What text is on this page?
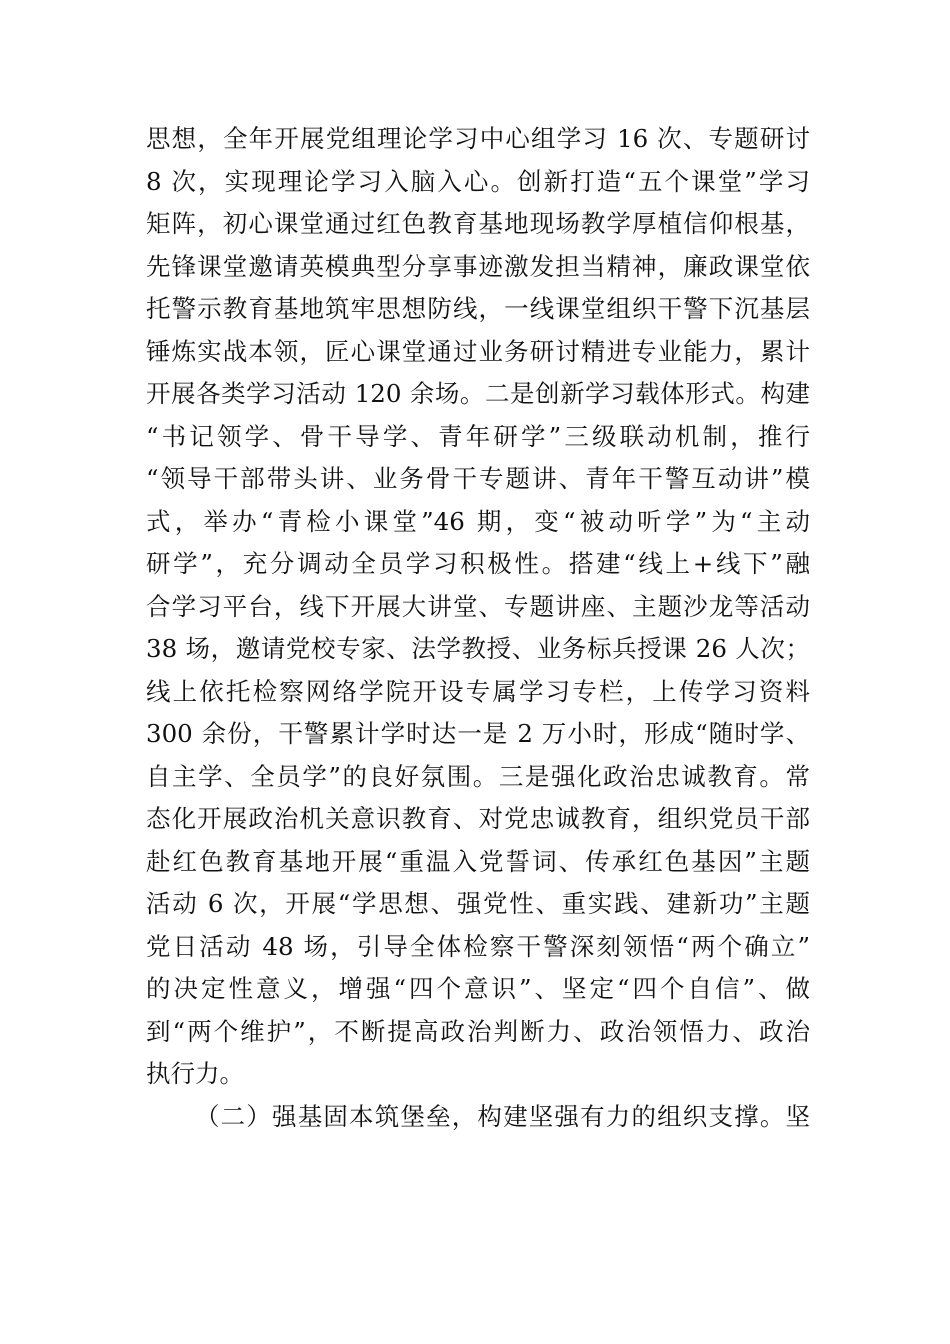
思想，全年开展党组理论学习中心组学习 16 次、专题研讨
8 次，实现理论学习入脑入心。创新打造“五个课堂”学习
矩阵，初心课堂通过红色教育基地现场教学厚植信仰根基，
先锋课堂邀请英模典型分享事迹激发担当精神，廉政课堂依
托警示教育基地筑牢思想防线，一线课堂组织干警下沉基层
锤炼实战本领，匠心课堂通过业务研讨精进专业能力，累计
开展各类学习活动 120 余场。二是创新学习载体形式。构建
“书记领学、骨干导学、青年研学”三级联动机制，推行
“领导干部带头讲、业务骨干专题讲、青年干警互动讲”模
式，举办“青检小课堂”46 期，变“被动听学”为“主动
研学”，充分调动全员学习积极性。搭建“线上+线下”融
合学习平台，线下开展大讲堂、专题讲座、主题沙龙等活动
38 场，邀请党校专家、法学教授、业务标兵授课 26 人次；
线上依托检察网络学院开设专属学习专栏，上传学习资料
300 余份，干警累计学时达一是 2 万小时，形成“随时学、
自主学、全员学”的良好氛围。三是强化政治忠诚教育。常
态化开展政治机关意识教育、对党忠诚教育，组织党员干部
赴红色教育基地开展“重温入党誓词、传承红色基因”主题
活动 6 次，开展“学思想、强党性、重实践、建新功”主题
党日活动 48 场，引导全体检察干警深刻领悟“两个确立”
的决定性意义，增强“四个意识”、坚定“四个自信”、做
到“两个维护”，不断提高政治判断力、政治领悟力、政治
执行力。
（二）强基固本筑堡垒，构建坚强有力的组织支撑。坚
